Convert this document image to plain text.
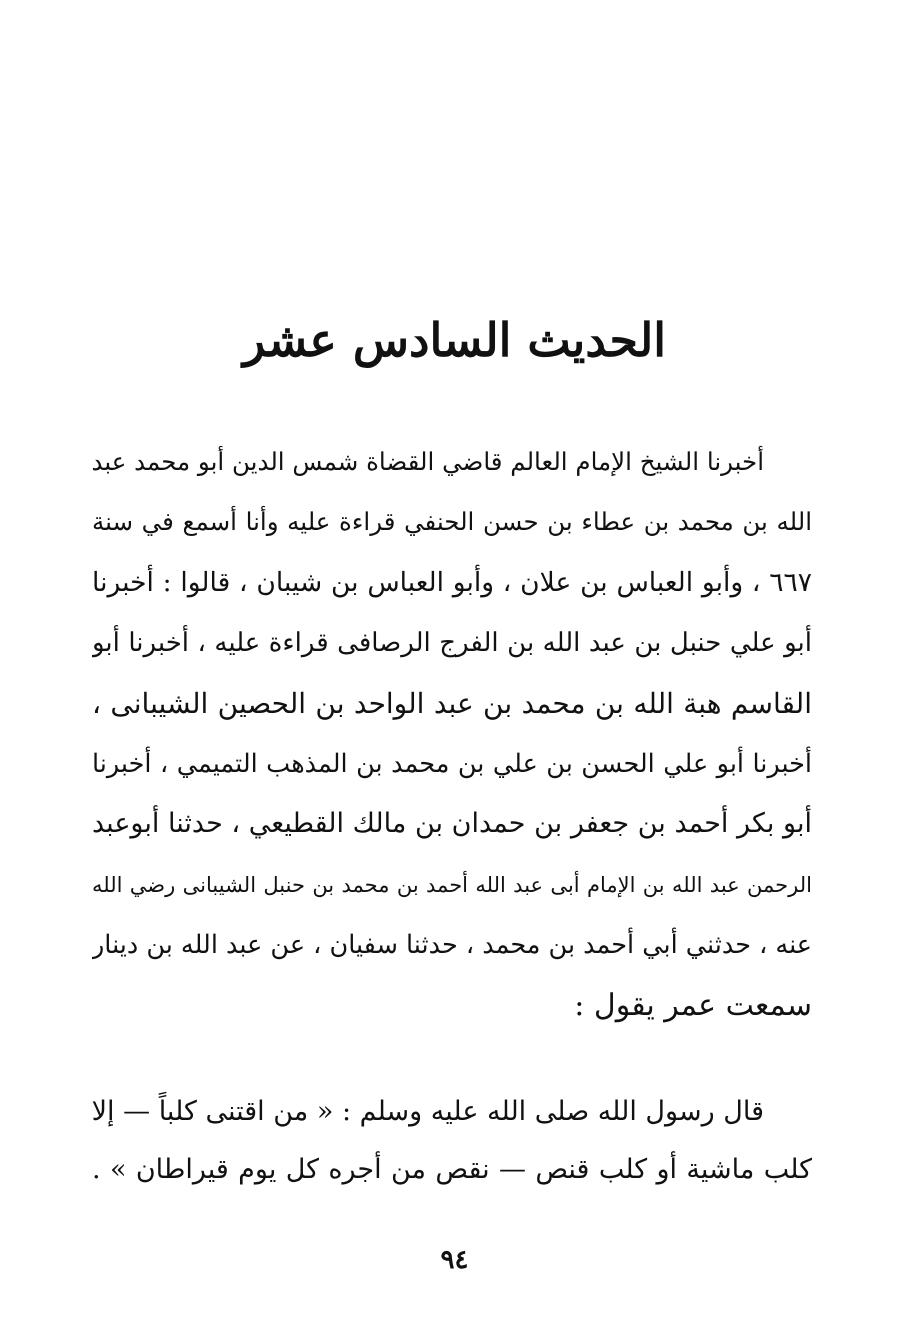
الحديث السادس عشر
أخبرنا الشيخ الإمام العالم قاضي القضاة شمس الدين أبو محمد عبد
الله بن محمد بن عطاء بن حسن الحنفي قراءة عليه وأنا أسمع في سنة
٦٦٧ ، وأبو العباس بن علان ، وأبو العباس بن شيبان ، قالوا : أخبرنا
أبو علي حنبل بن عبد الله بن الفرج الرصافى قراءة عليه ، أخبرنا أبو
القاسم هبة الله بن محمد بن عبد الواحد بن الحصين الشيبانى ،
أخبرنا أبو علي الحسن بن علي بن محمد بن المذهب التميمي ، أخبرنا
أبو بكر أحمد بن جعفر بن حمدان بن مالك القطيعي ، حدثنا أبوعبد
الرحمن عبد الله بن الإمام أبى عبد الله أحمد بن محمد بن حنبل الشيبانى رضي الله
عنه ، حدثني أبي أحمد بن محمد ، حدثنا سفيان ، عن عبد الله بن دينار
سمعت عمر يقول :
قال رسول الله صلى الله عليه وسلم : « من اقتنى كلباً — إلا
كلب ماشية أو كلب قنص — نقص من أجره كل يوم قيراطان » .
٩٤
